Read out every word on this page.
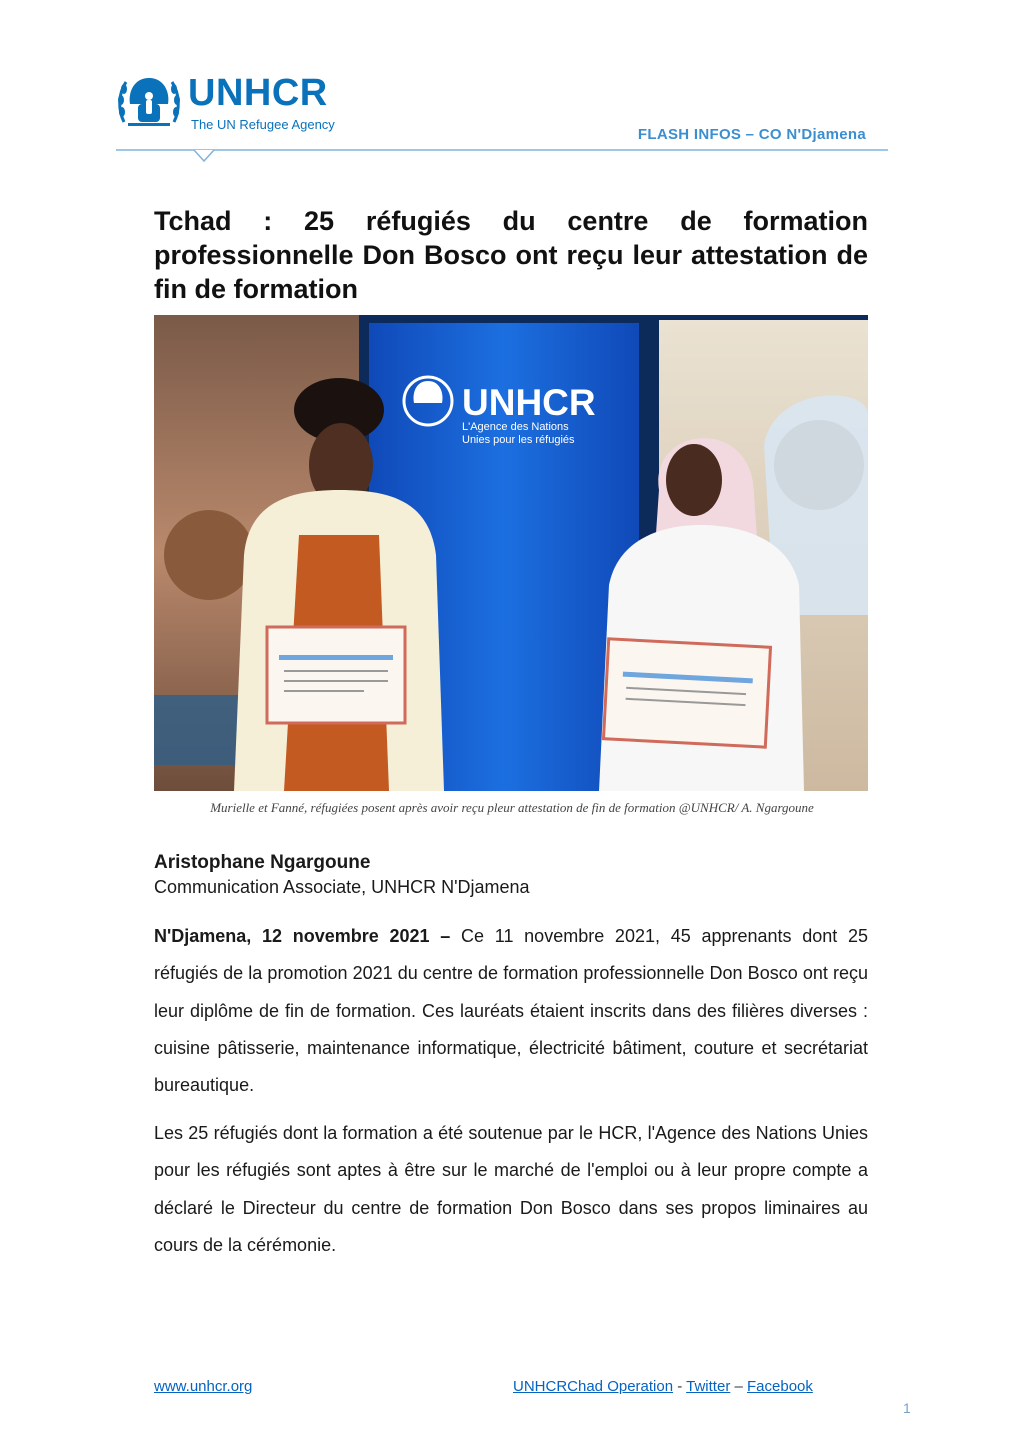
UNHCR
The UN Refugee Agency
FLASH INFOS – CO N'Djamena
Tchad : 25 réfugiés du centre de formation professionnelle Don Bosco ont reçu leur attestation de fin de formation
UNHCR
L'Agence des Nations
Unies pour les réfugiés
Murielle et Fanné, réfugiées posent après avoir reçu pleur attestation de fin de formation @UNHCR/ A. Ngargoune
Aristophane Ngargoune
Communication Associate, UNHCR N'Djamena

N'Djamena, 12 novembre 2021 – Ce 11 novembre 2021, 45 apprenants dont 25 réfugiés de la promotion 2021 du centre de formation professionnelle Don Bosco ont reçu leur diplôme de fin de formation. Ces lauréats étaient inscrits dans des filières diverses : cuisine pâtisserie, maintenance informatique, électricité bâtiment, couture et secrétariat bureautique.

Les 25 réfugiés dont la formation a été soutenue par le HCR, l'Agence des Nations Unies pour les réfugiés sont aptes à être sur le marché de l'emploi ou à leur propre compte a déclaré le Directeur du centre de formation Don Bosco dans ses propos liminaires au cours de la cérémonie.

www.unhcr.org	UNHCRChad Operation - Twitter – Facebook
1
